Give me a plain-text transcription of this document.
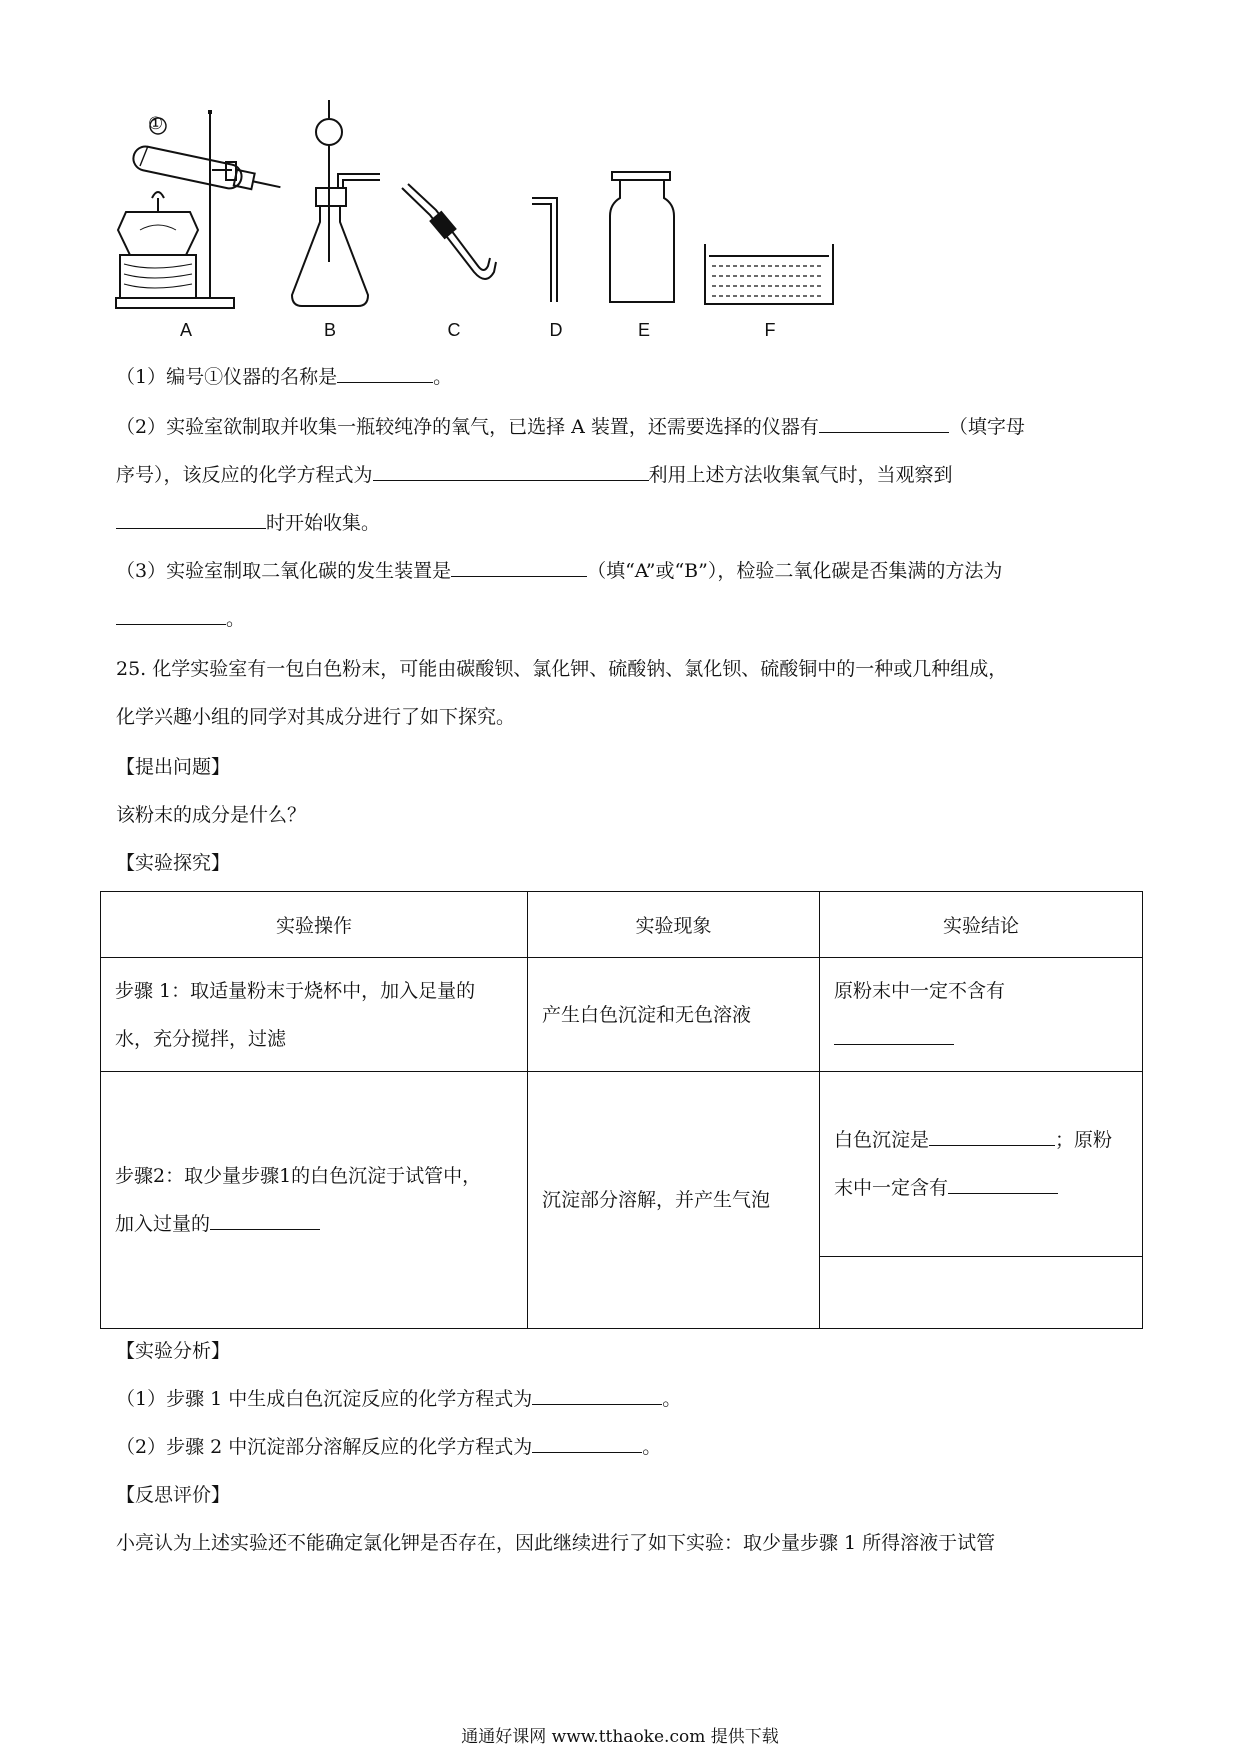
①
A	B	C	D	E	F
（1）编号①仪器的名称是	。
（2）实验室欲制取并收集一瓶较纯净的氧气，已选择 A 装置，还需要选择的仪器有	（填字母
序号），该反应的化学方程式为	利用上述方法收集氧气时，当观察到
时开始收集。
（3）实验室制取二氧化碳的发生装置是	（填“A”或“B”），检验二氧化碳是否集满的方法为
。
25. 化学实验室有一包白色粉末，可能由碳酸钡、氯化钾、硫酸钠、氯化钡、硫酸铜中的一种或几种组成，
化学兴趣小组的同学对其成分进行了如下探究。
【提出问题】
该粉末的成分是什么？
【实验探究】
实验操作	实验现象	实验结论

步骤 1：取适量粉末于烧杯中，加入足量的
水，充分搅拌，过滤	产生白色沉淀和无色溶液	原粉末中一定不含有

步骤2：取少量步骤1的白色沉淀于试管中，
加入过量的	沉淀部分溶解，并产生气泡	白色沉淀是 ；原粉
末中一定含有

【实验分析】
（1）步骤 1 中生成白色沉淀反应的化学方程式为	。
（2）步骤 2 中沉淀部分溶解反应的化学方程式为	。
【反思评价】
小亮认为上述实验还不能确定氯化钾是否存在，因此继续进行了如下实验：取少量步骤 1 所得溶液于试管
通通好课网 www.tthaoke.com 提供下载
